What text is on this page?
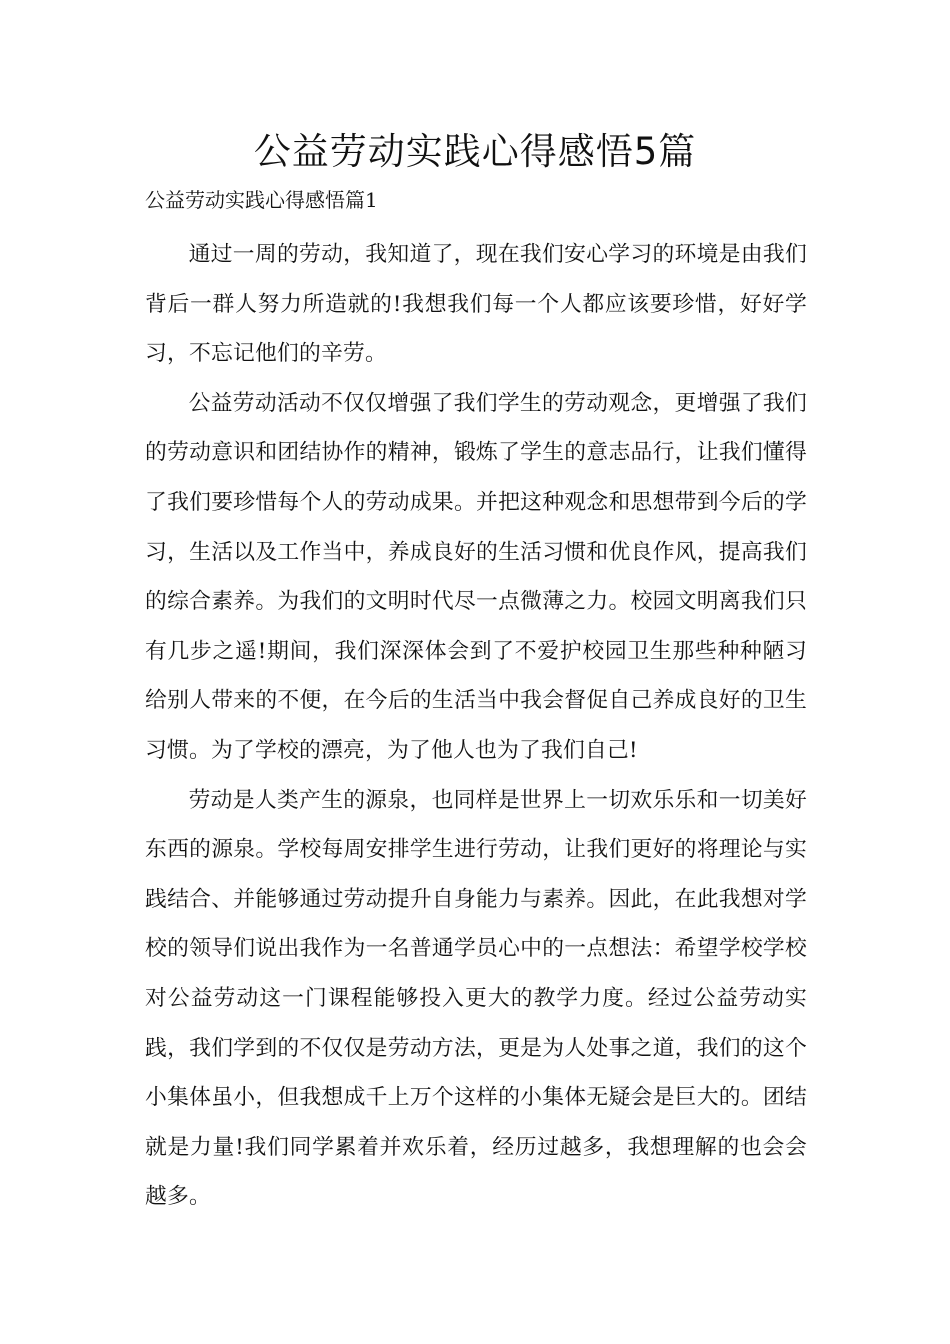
公益劳动实践心得感悟5篇
公益劳动实践心得感悟篇1

通过一周的劳动，我知道了，现在我们安心学习的环境是由我们背后一群人努力所造就的!我想我们每一个人都应该要珍惜，好好学习，不忘记他们的辛劳。

公益劳动活动不仅仅增强了我们学生的劳动观念，更增强了我们的劳动意识和团结协作的精神，锻炼了学生的意志品行，让我们懂得了我们要珍惜每个人的劳动成果。并把这种观念和思想带到今后的学习，生活以及工作当中，养成良好的生活习惯和优良作风，提高我们的综合素养。为我们的文明时代尽一点微薄之力。校园文明离我们只有几步之遥!期间，我们深深体会到了不爱护校园卫生那些种种陋习给别人带来的不便，在今后的生活当中我会督促自己养成良好的卫生习惯。为了学校的漂亮，为了他人也为了我们自己!

劳动是人类产生的源泉，也同样是世界上一切欢乐乐和一切美好东西的源泉。学校每周安排学生进行劳动，让我们更好的将理论与实践结合、并能够通过劳动提升自身能力与素养。因此，在此我想对学校的领导们说出我作为一名普通学员心中的一点想法：希望学校学校对公益劳动这一门课程能够投入更大的教学力度。经过公益劳动实践，我们学到的不仅仅是劳动方法，更是为人处事之道，我们的这个小集体虽小，但我想成千上万个这样的小集体无疑会是巨大的。团结就是力量!我们同学累着并欢乐着，经历过越多，我想理解的也会会越多。
